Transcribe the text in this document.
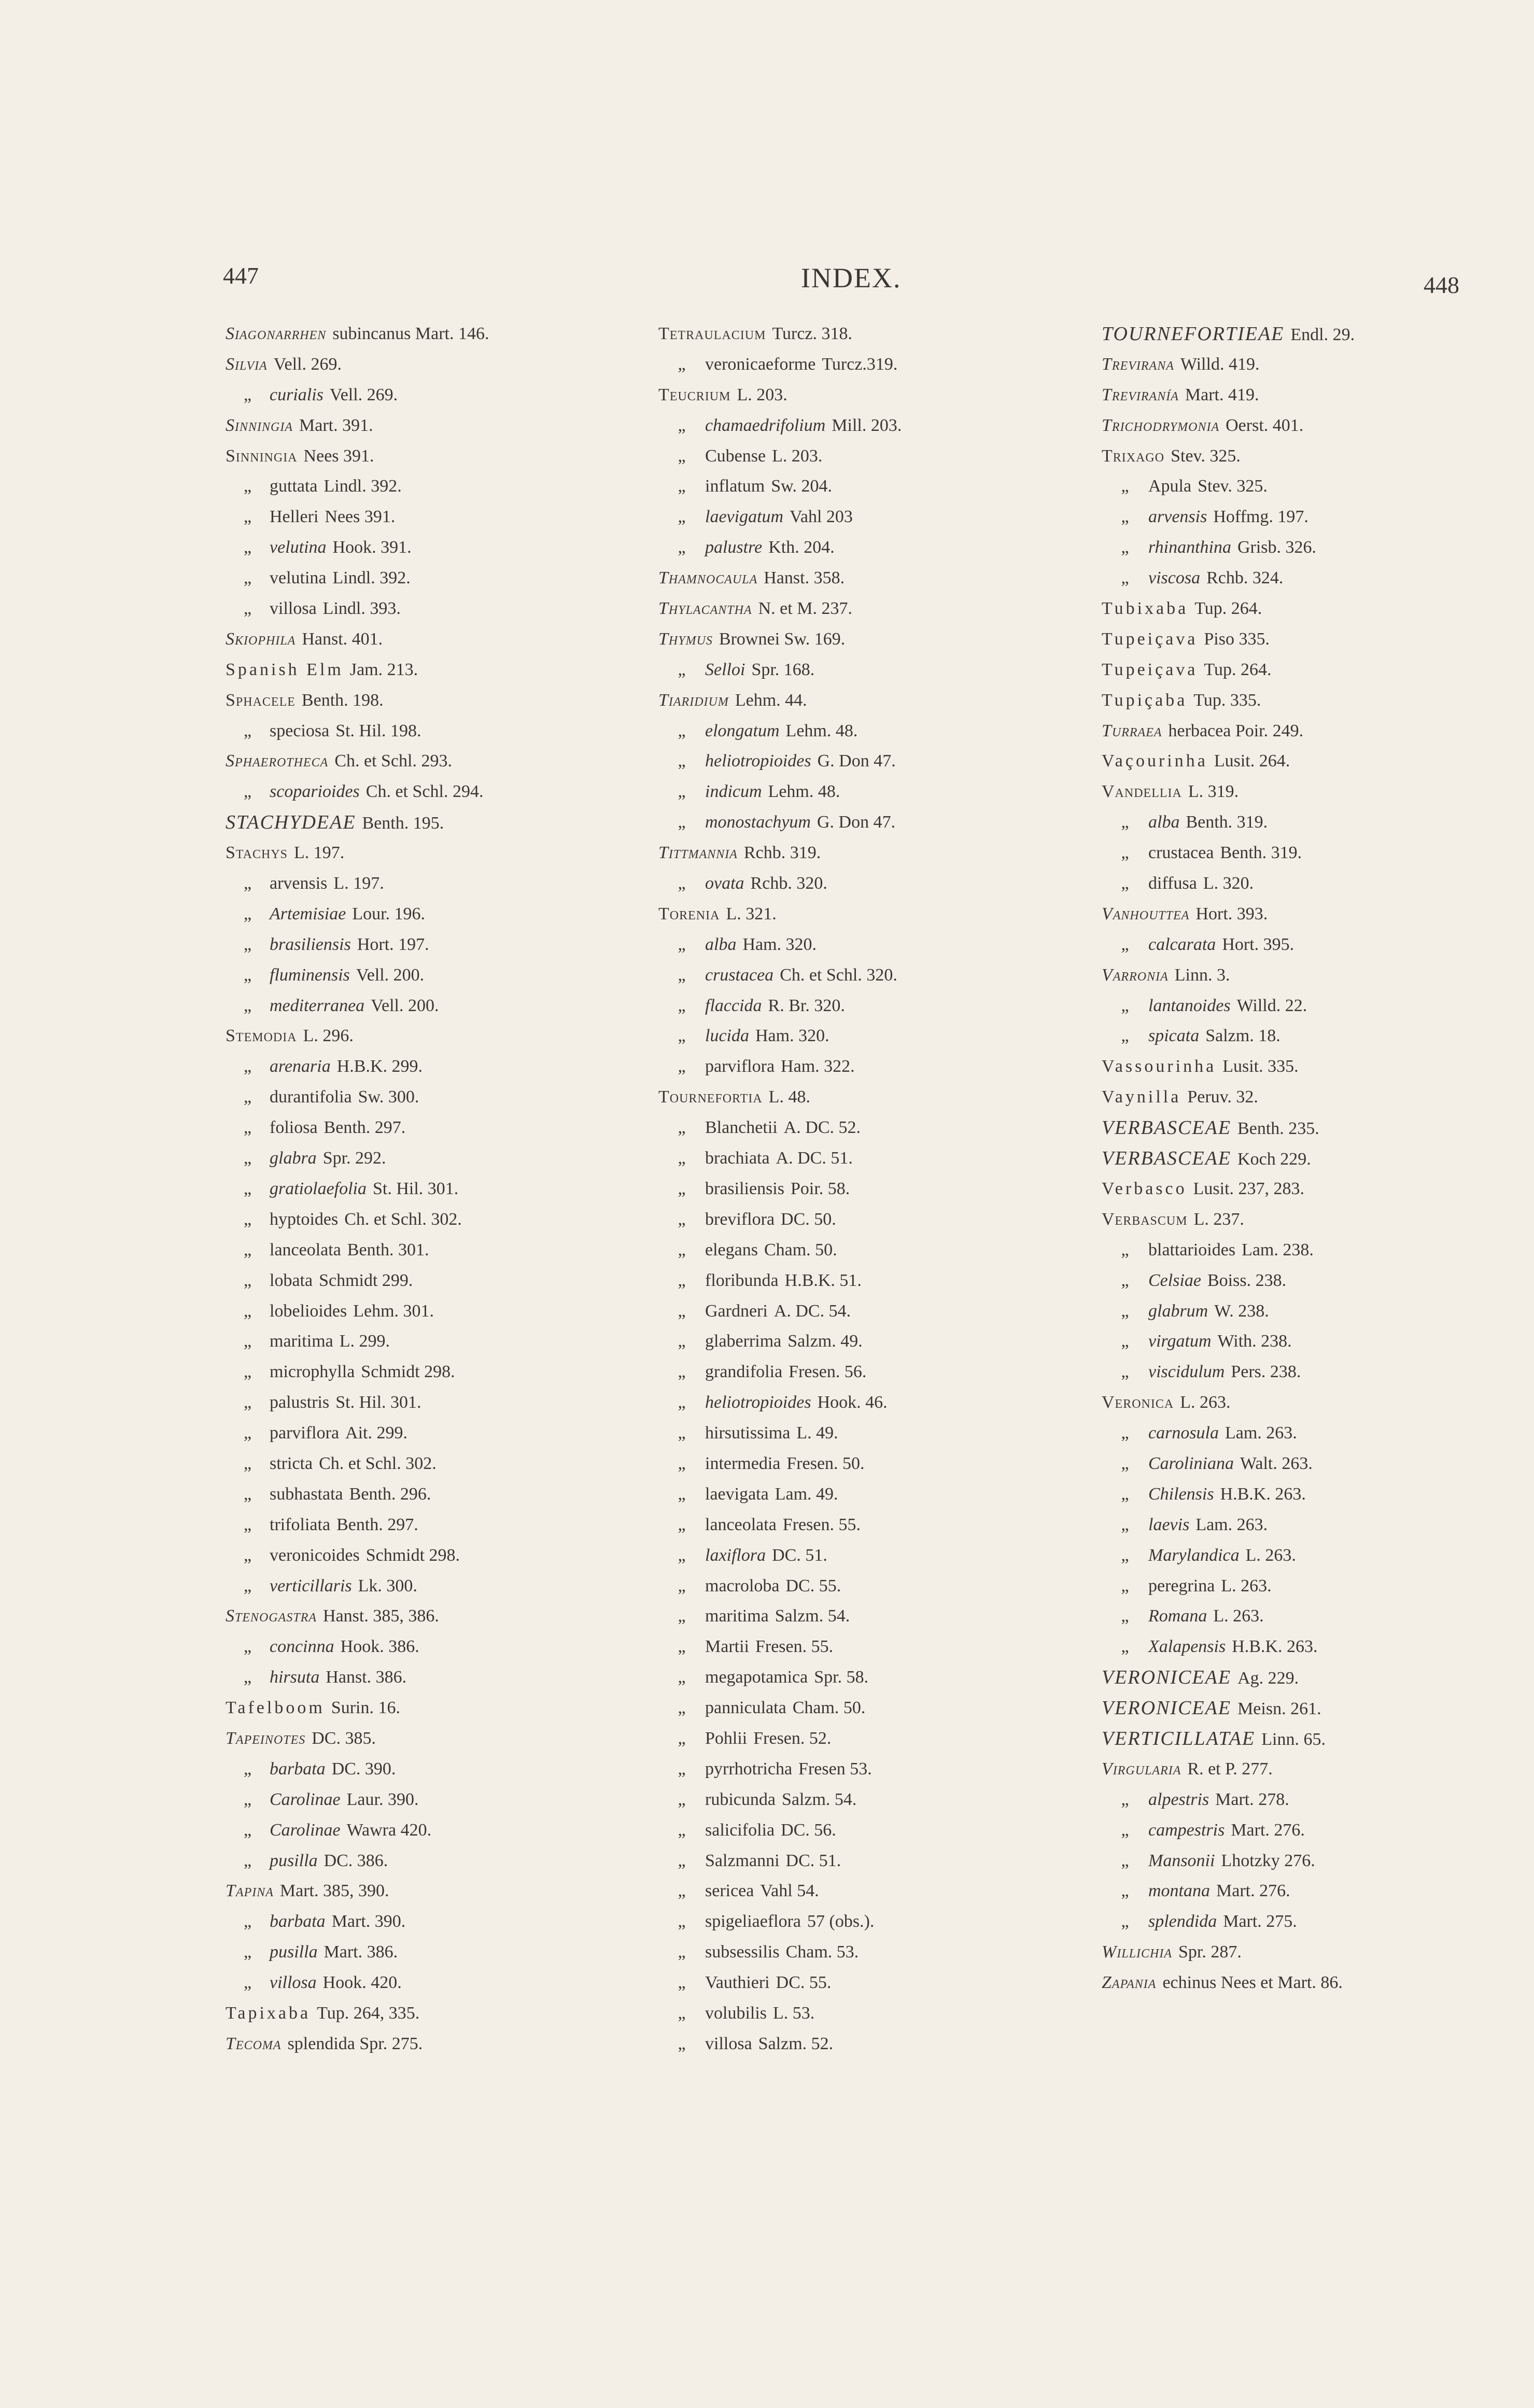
447	INDEX.	448
Sιαgonarrhen subincanus Mart. 146.
Silvia Vell. 269.
„	curialis Vell. 269.
Sinningia Mart. 391.
Sinningia Nees 391.
„	guttata Lindl. 392.
„	Helleri Nees 391.
„	velutina Hook. 391.
„	velutina Lindl. 392.
„	villosa Lindl. 393.
Skiophila Hanst. 401.
Spanish Elm Jam. 213.
Sphacele Benth. 198.
„	speciosa St. Hil. 198.
Sphaerotheca Ch. et Schl. 293.
„	scoparioides Ch. et Schl. 294.
STACHYDEAE Benth. 195.
Stachys L. 197.
„	arvensis L. 197.
„	Artemisiae Lour. 196.
„	brasiliensis Hort. 197.
„	fluminensis Vell. 200.
„	mediterranea Vell. 200.
Stemodia L. 296.
„	arenaria H.B.K. 299.
„	durantifolia Sw. 300.
„	foliosa Benth. 297.
„	glabra Spr. 292.
„	gratiolaefolia St. Hil. 301.
„	hyptoides Ch. et Schl. 302.
„	lanceolata Benth. 301.
„	lobata Schmidt 299.
„	lobelioides Lehm. 301.
„	maritima L. 299.
„	microphylla Schmidt 298.
„	palustris St. Hil. 301.
„	parviflora Ait. 299.
„	stricta Ch. et Schl. 302.
„	subhastata Benth. 296.
„	trifoliata Benth. 297.
„	veronicoides Schmidt 298.
„	verticillaris Lk. 300.
Stenogastra Hanst. 385, 386.
„	concinna Hook. 386.
„	hirsuta Hanst. 386.
Tafelboom Surin. 16.
Tapeinotes DC. 385.
„	barbata DC. 390.
„	Carolinae Laur. 390.
„	Carolinae Wawra 420.
„	pusilla DC. 386.
Tapina Mart. 385, 390.
„	barbata Mart. 390.
„	pusilla Mart. 386.
„	villosa Hook. 420.
Tapixaba Tup. 264, 335.
Tecoma splendida Spr. 275.
Tetraulacium Turcz. 318.
„	veronicaeforme Turcz.319.
Teucrium L. 203.
„	chamaedrifolium Mill. 203.
„	Cubense L. 203.
„	inflatum Sw. 204.
„	laevigatum Vahl 203
„	palustre Kth. 204.
Thamnocaula Hanst. 358.
Thylacantha N. et M. 237.
Thymus Brownei Sw. 169.
„	Selloi Spr. 168.
Tiaridium Lehm. 44.
„	elongatum Lehm. 48.
„	heliotropioides G. Don 47.
„	indicum Lehm. 48.
„	monostachyum G. Don 47.
Tittmannia Rchb. 319.
„	ovata Rchb. 320.
Torenia L. 321.
„	alba Ham. 320.
„	crustacea Ch. et Schl. 320.
„	flaccida R. Br. 320.
„	lucida Ham. 320.
„	parviflora Ham. 322.
Tournefortia L. 48.
„	Blanchetii A. DC. 52.
„	brachiata A. DC. 51.
„	brasiliensis Poir. 58.
„	breviflora DC. 50.
„	elegans Cham. 50.
„	floribunda H.B.K. 51.
„	Gardneri A. DC. 54.
„	glaberrima Salzm. 49.
„	grandifolia Fresen. 56.
„	heliotropioides Hook. 46.
„	hirsutissima L. 49.
„	intermedia Fresen. 50.
„	laevigata Lam. 49.
„	lanceolata Fresen. 55.
„	laxiflora DC. 51.
„	macroloba DC. 55.
„	maritima Salzm. 54.
„	Martii Fresen. 55.
„	megapotamica Spr. 58.
„	panniculata Cham. 50.
„	Pohlii Fresen. 52.
„	pyrrhotricha Fresen 53.
„	rubicunda Salzm. 54.
„	salicifolia DC. 56.
„	Salzmanni DC. 51.
„	sericea Vahl 54.
„	spigeliaeflora 57 (obs.).
„	subsessilis Cham. 53.
„	Vauthieri DC. 55.
„	volubilis L. 53.
„	villosa Salzm. 52.
TOURNEFORTIEAE Endl. 29.
Trevirana Willd. 419.
Treviranía Mart. 419.
Trichodrymonia Oerst. 401.
Trixago Stev. 325.
„	Apula Stev. 325.
„	arvensis Hoffmg. 197.
„	rhinanthina Grisb. 326.
„	viscosa Rchb. 324.
Tubixaba Tup. 264.
Tupeiçava Piso 335.
Tupeiçava Tup. 264.
Tupiçaba Tup. 335.
Turraea herbacea Poir. 249.
Vaçourinha Lusit. 264.
Vandellia L. 319.
„	alba Benth. 319.
„	crustacea Benth. 319.
„	diffusa L. 320.
Vanhouttea Hort. 393.
„	calcarata Hort. 395.
Varronia Linn. 3.
„	lantanoides Willd. 22.
„	spicata Salzm. 18.
Vassourinha Lusit. 335.
Vaynilla Peruv. 32.
VERBASCEAE Benth. 235.
VERBASCEAE Koch 229.
Verbasco Lusit. 237, 283.
Verbascum L. 237.
„	blattarioides Lam. 238.
„	Celsiae Boiss. 238.
„	glabrum W. 238.
„	virgatum With. 238.
„	viscidulum Pers. 238.
Veronica L. 263.
„	carnosula Lam. 263.
„	Caroliniana Walt. 263.
„	Chilensis H.B.K. 263.
„	laevis Lam. 263.
„	Marylandica L. 263.
„	peregrina L. 263.
„	Romana L. 263.
„	Xalapensis H.B.K. 263.
VERONICEAE Ag. 229.
VERONICEAE Meisn. 261.
VERTICILLATAE Linn. 65.
Virgularia R. et P. 277.
„	alpestris Mart. 278.
„	campestris Mart. 276.
„	Mansonii Lhotzky 276.
„	montana Mart. 276.
„	splendida Mart. 275.
Willichia Spr. 287.
Zapania echinus Nees et Mart. 86.
